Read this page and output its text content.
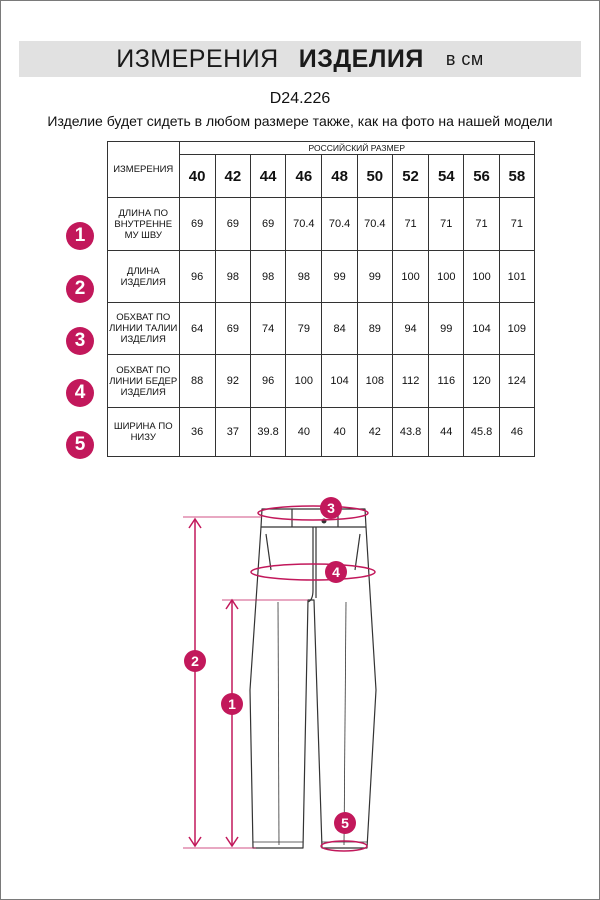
ИЗМЕРЕНИЯ ИЗДЕЛИЯ в см
D24.226
Изделие будет сидеть в любом размере также, как на фото на нашей модели
1
2
3
4
5
ИЗМЕРЕНИЯ	РОССИЙСКИЙ РАЗМЕР									
	40	42	44	46	48	50	52	54	56	58
ДЛИНА ПО ВНУТРЕННЕ МУ ШВУ	69	69	69	70.4	70.4	70.4	71	71	71	71
ДЛИНА ИЗДЕЛИЯ	96	98	98	98	99	99	100	100	100	101
ОБХВАТ ПО ЛИНИИ ТАЛИИ ИЗДЕЛИЯ	64	69	74	79	84	89	94	99	104	109
ОБХВАТ ПО ЛИНИИ БЕДЕР ИЗДЕЛИЯ	88	92	96	100	104	108	112	116	120	124
ШИРИНА ПО НИЗУ	36	37	39.8	40	40	42	43.8	44	45.8	46
1
2
3
4
5
